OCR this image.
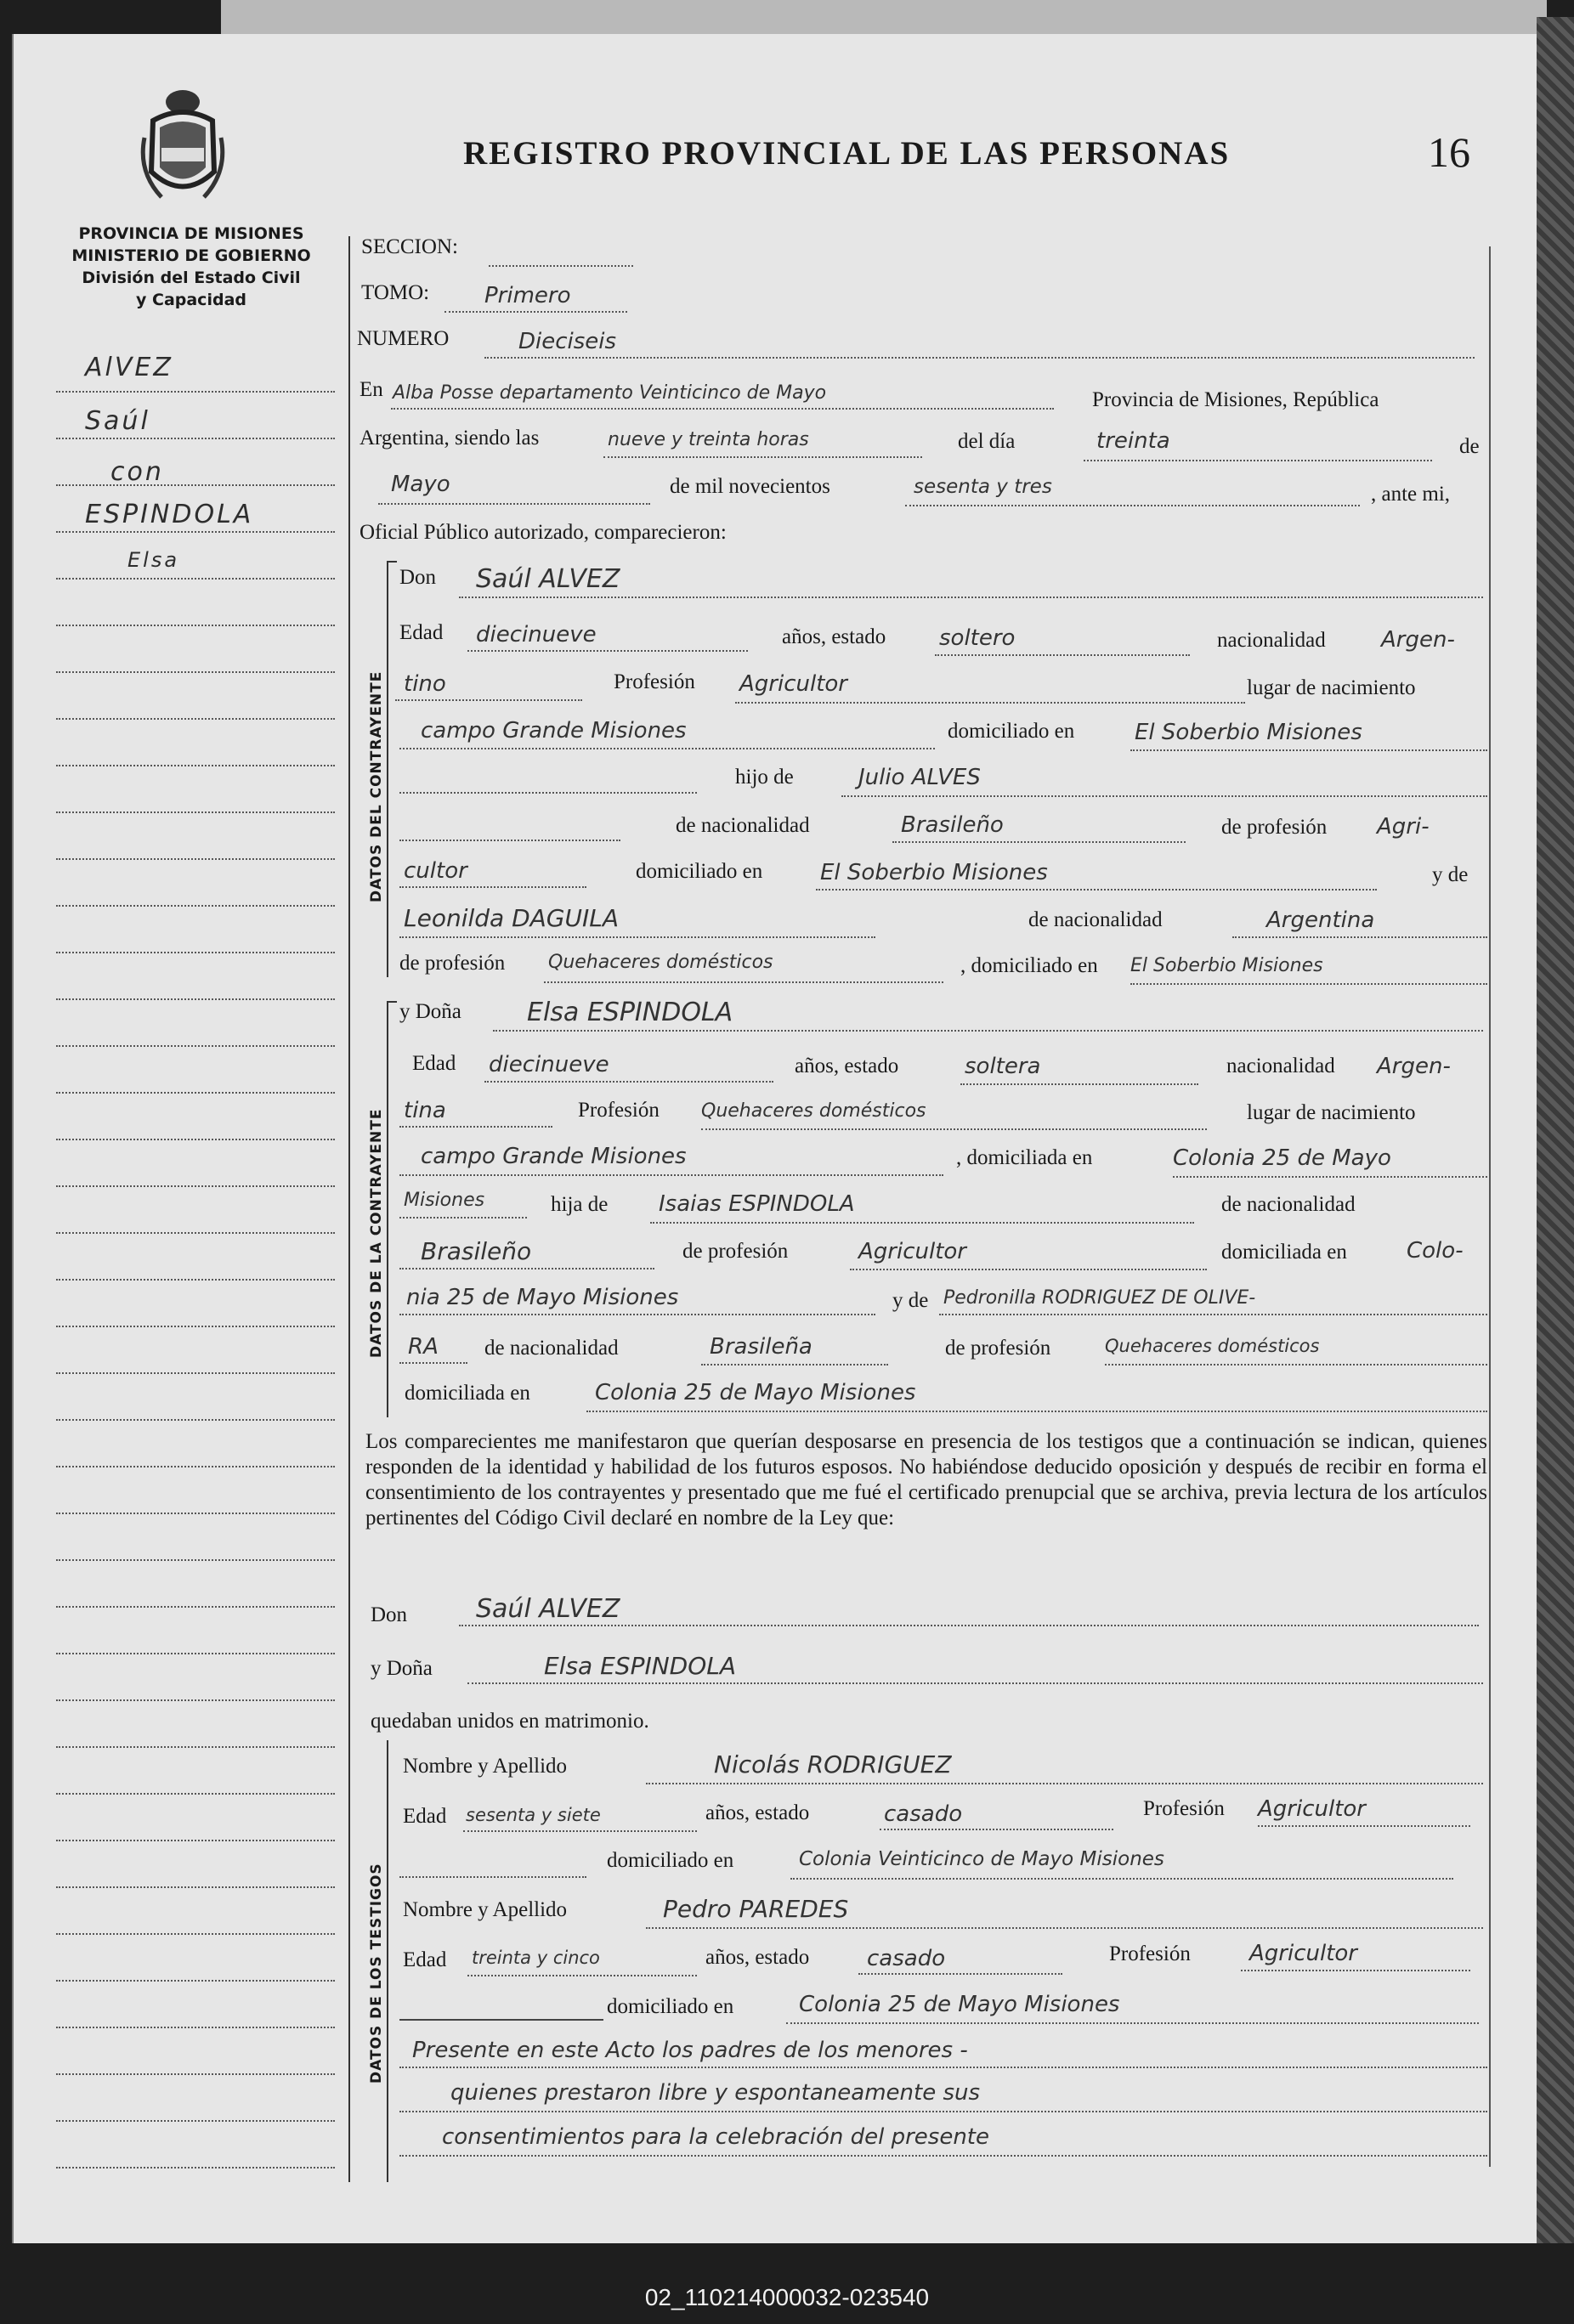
REGISTRO PROVINCIAL DE LAS PERSONAS	16
PROVINCIA DE MISIONES
MINISTERIO DE GOBIERNO
División del Estado Civil
y Capacidad
AlVEZ
Saúl
con
ESPINDOLA
Elsa
SECCION:
TOMO: Primero
NUMERO	Dieciseis
En Alba Posse departamento Veinticinco de Mayo	Provincia de Misiones, República
Argentina, siendo las	nueve y treinta horas	del día	treinta	de
Mayo	de mil novecientos	sesenta y tres	, ante mi,
Oficial Público autorizado, comparecieron:
DATOS DEL CONTRAYENTE
DATOS DE LA CONTRAYENTE
DATOS DE LOS TESTIGOS
Don Saúl ALVEZ
Edad diecinueve	años, estado soltero	nacionalidad	Argen-
tino	Profesión Agricultor	lugar de nacimiento
campo Grande Misiones	domiciliado en	El Soberbio Misiones
hijo de	Julio ALVES
de nacionalidad	Brasileño	de profesión Agri-
cultor	domiciliado en	El Soberbio Misiones	y de
Leonilda DAGUILA	de nacionalidad	Argentina
de profesión Quehaceres domésticos	, domiciliado en El Soberbio Misiones
y Doña	Elsa ESPINDOLA
Edad diecinueve	años, estado	soltera	nacionalidad Argen-
tina	Profesión Quehaceres domésticos	lugar de nacimiento
campo Grande Misiones	, domiciliada en	Colonia 25 de Mayo
Misiones	hija de Isaias ESPINDOLA	de nacionalidad
Brasileño	de profesión	Agricultor	domiciliada en	Colo-
nia 25 de Mayo Misiones	y de Pedronilla RODRIGUEZ DE OLIVE-
RA de nacionalidad	Brasileña	de profesión	Quehaceres domésticos
domiciliada en	Colonia 25 de Mayo Misiones
Los comparecientes me manifestaron que querían desposarse en presencia de los testigos que a continuación se indican, quienes responden de la identidad y habilidad de los futuros esposos. No habiéndose deducido oposición y después de recibir en forma el consentimiento de los contrayentes y presentado que me fué el certificado prenupcial que se archiva, previa lectura de los artículos pertinentes del Código Civil declaré en nombre de la Ley que:
Don	Saúl ALVEZ
y Doña	Elsa ESPINDOLA
quedaban unidos en matrimonio.
Nombre y Apellido	Nicolás RODRIGUEZ
Edad sesenta y siete	años, estado	casado	Profesión Agricultor
domiciliado en	Colonia Veinticinco de Mayo Misiones
Nombre y Apellido	Pedro PAREDES
Edad treinta y cinco	años, estado	casado	Profesión	Agricultor
domiciliado en	Colonia 25 de Mayo Misiones
Presente en este Acto los padres de los menores -
quienes prestaron libre y espontaneamente sus
consentimientos para la celebración del presente
02_110214000032-023540
